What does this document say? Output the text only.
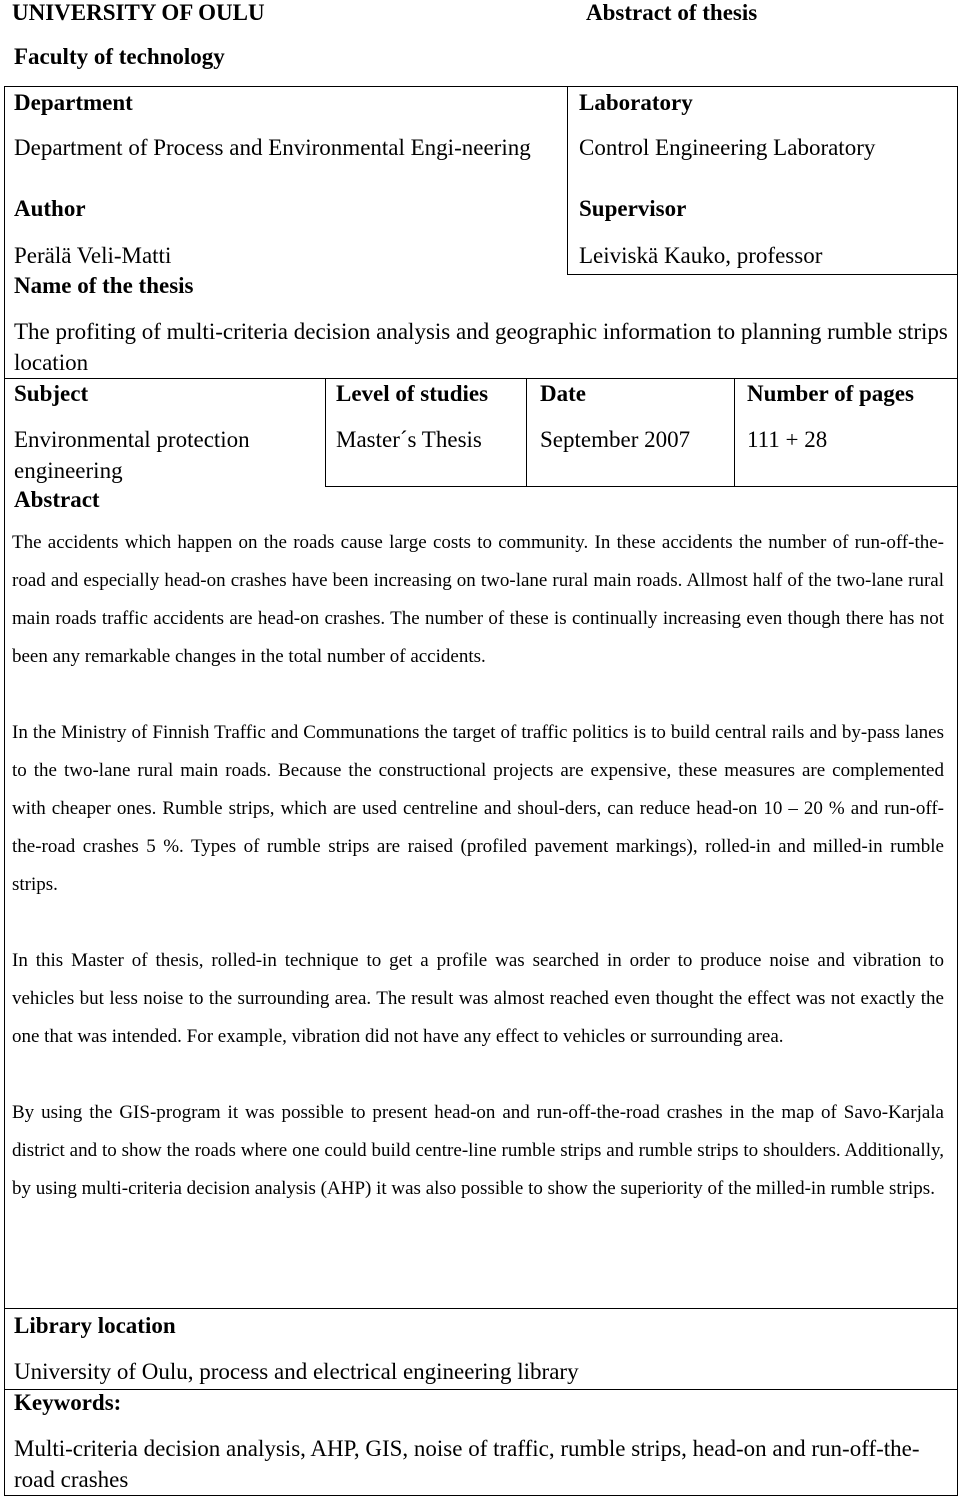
UNIVERSITY OF OULU	Abstract of thesis
Faculty of technology
Department
Department of Process and Environmental Engi-neering
Laboratory
Control Engineering Laboratory
Author
Perälä Veli-Matti
Supervisor
Leiviskä Kauko, professor
Name of the thesis
The profiting of multi-criteria decision analysis and geographic information to planning rumble strips location
Subject
Environmental protection engineering
Level of studies
Master´s Thesis
Date
September 2007
Number of pages
111 + 28
Abstract

The accidents which happen on the roads cause large costs to community. In these accidents the number of run-off-the-road and especially head-on crashes have been increasing on two-lane rural main roads. Allmost half of the two-lane rural main roads traffic accidents are head-on crashes. The number of these is continually increasing even though there has not been any remarkable changes in the total number of accidents.

In the Ministry of Finnish Traffic and Communations the target of traffic politics is to build central rails and by-pass lanes to the two-lane rural main roads. Because the constructional projects are expensive, these measures are complemented with cheaper ones. Rumble strips, which are used centreline and shoul-ders, can reduce head-on 10 – 20 % and run-off-the-road crashes 5 %. Types of rumble strips are raised (profiled pavement markings), rolled-in and milled-in rumble strips.

In this Master of thesis, rolled-in technique to get a profile was searched in order to produce noise and vibration to vehicles but less noise to the surrounding area. The result was almost reached even thought the effect was not exactly the one that was intended. For example, vibration did not have any effect to vehicles or surrounding area.

By using the GIS-program it was possible to present head-on and run-off-the-road crashes in the map of Savo-Karjala district and to show the roads where one could build centre-line rumble strips and rumble strips to shoulders. Additionally, by using multi-criteria decision analysis (AHP) it was also possible to show the superiority of the milled-in rumble strips.

Library location
University of Oulu, process and electrical engineering library
Keywords:
Multi-criteria decision analysis, AHP, GIS, noise of traffic, rumble strips, head-on and run-off-the-road crashes
